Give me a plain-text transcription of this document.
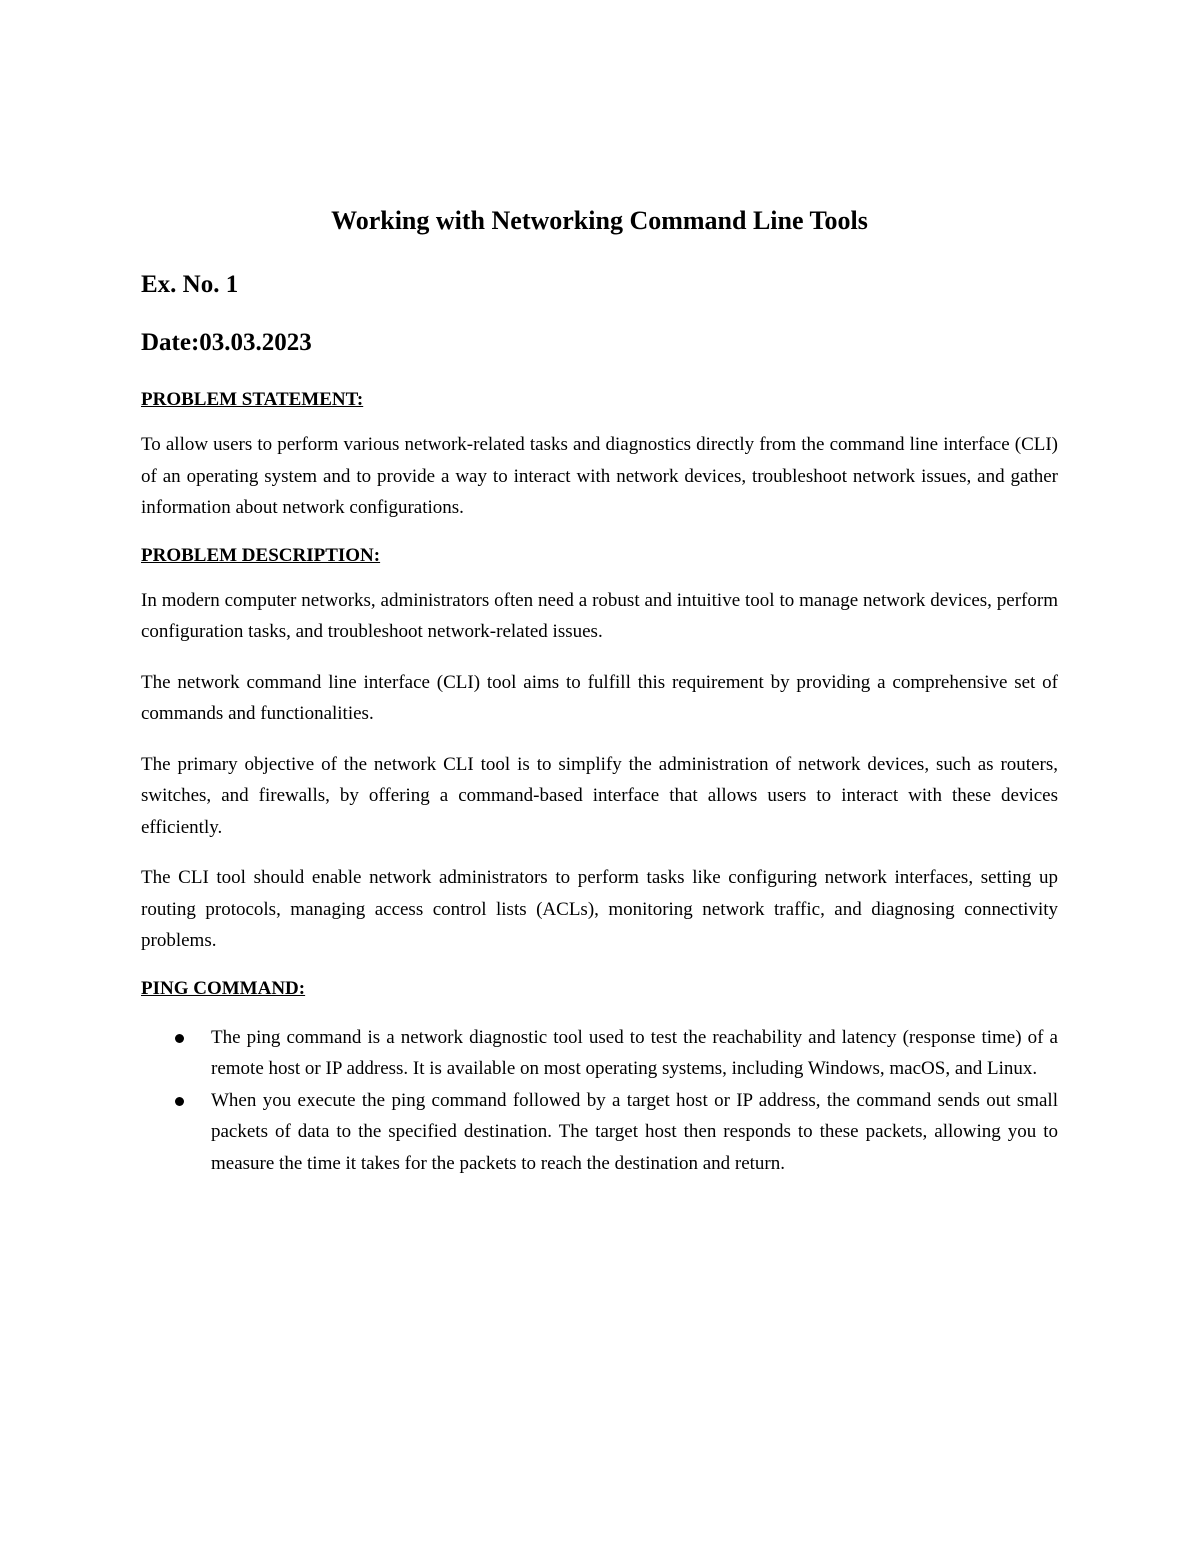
Working with Networking Command Line Tools
Ex. No. 1
Date:03.03.2023
PROBLEM STATEMENT:

To allow users to perform various network-related tasks and diagnostics directly from the command line interface (CLI) of an operating system and to provide a way to interact with network devices, troubleshoot network issues, and gather information about network configurations.

PROBLEM DESCRIPTION:

In modern computer networks, administrators often need a robust and intuitive tool to manage network devices, perform configuration tasks, and troubleshoot network-related issues.

The network command line interface (CLI) tool aims to fulfill this requirement by providing a comprehensive set of commands and functionalities.

The primary objective of the network CLI tool is to simplify the administration of network devices, such as routers, switches, and firewalls, by offering a command-based interface that allows users to interact with these devices efficiently.

The CLI tool should enable network administrators to perform tasks like configuring network interfaces, setting up routing protocols, managing access control lists (ACLs), monitoring network traffic, and diagnosing connectivity problems.

PING COMMAND:
The ping command is a network diagnostic tool used to test the reachability and latency (response time) of a remote host or IP address. It is available on most operating systems, including Windows, macOS, and Linux.
When you execute the ping command followed by a target host or IP address, the command sends out small packets of data to the specified destination. The target host then responds to these packets, allowing you to measure the time it takes for the packets to reach the destination and return.
